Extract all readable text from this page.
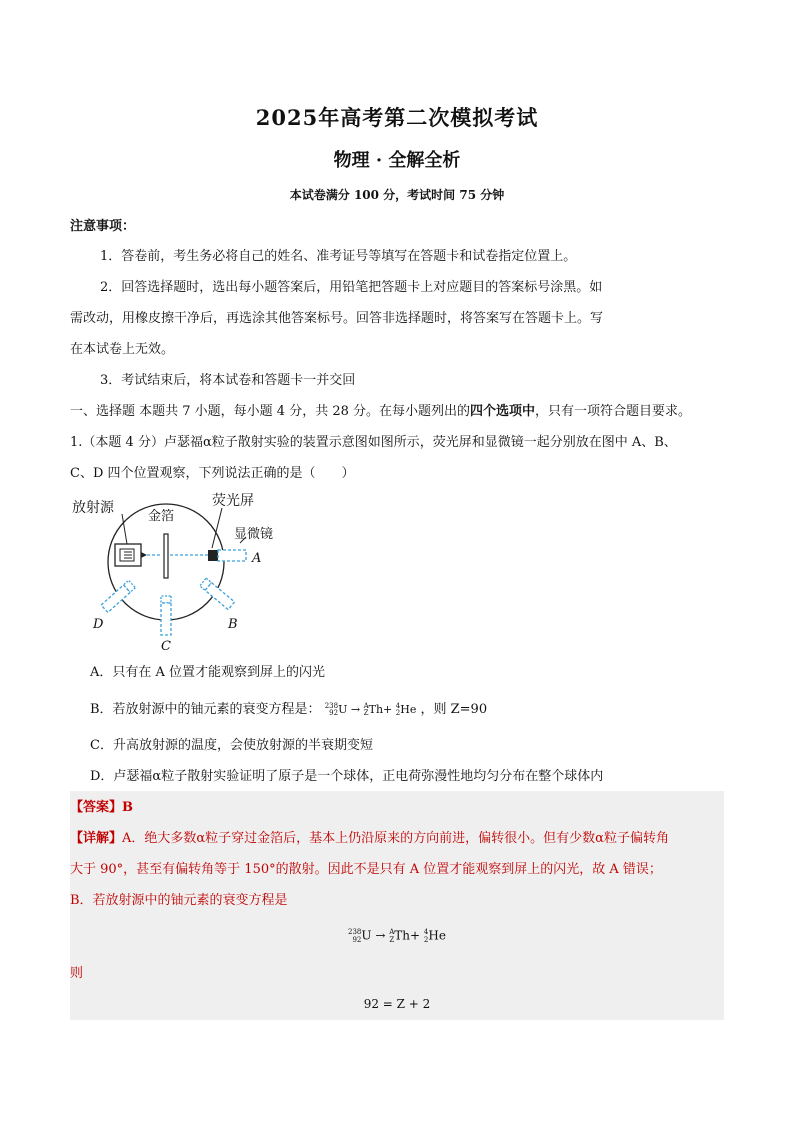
2025年高考第二次模拟考试
物理 · 全解全析
本试卷满分 100 分，考试时间 75 分钟
注意事项：
1．答卷前，考生务必将自己的姓名、准考证号等填写在答题卡和试卷指定位置上。
2．回答选择题时，选出每小题答案后，用铅笔把答题卡上对应题目的答案标号涂黑。如
需改动，用橡皮擦干净后，再选涂其他答案标号。回答非选择题时，将答案写在答题卡上。写
在本试卷上无效。
3．考试结束后，将本试卷和答题卡一并交回
一、选择题 本题共 7 小题，每小题 4 分，共 28 分。在每小题列出的四个选项中，只有一项符合题目要求。
1.（本题 4 分）卢瑟福α粒子散射实验的装置示意图如图所示，荧光屏和显微镜一起分别放在图中 A、B、
C、D 四个位置观察，下列说法正确的是（　　）
放射源
金箔
荧光屏
显微镜
A
B
C
D
A．只有在 A 位置才能观察到屏上的闪光
B．若放射源中的铀元素的衰变方程是： 238
92U → A
ZTh+ 4
2He ，则 Z=90
C．升高放射源的温度，会使放射源的半衰期变短
D．卢瑟福α粒子散射实验证明了原子是一个球体，正电荷弥漫性地均匀分布在整个球体内
【答案】B
【详解】A．绝大多数α粒子穿过金箔后，基本上仍沿原来的方向前进，偏转很小。但有少数α粒子偏转角
大于 90°，甚至有偏转角等于 150°的散射。因此不是只有 A 位置才能观察到屏上的闪光，故 A 错误；
B．若放射源中的铀元素的衰变方程是
238
92U → A
ZTh+ 4
2He
则
92 = Z + 2
